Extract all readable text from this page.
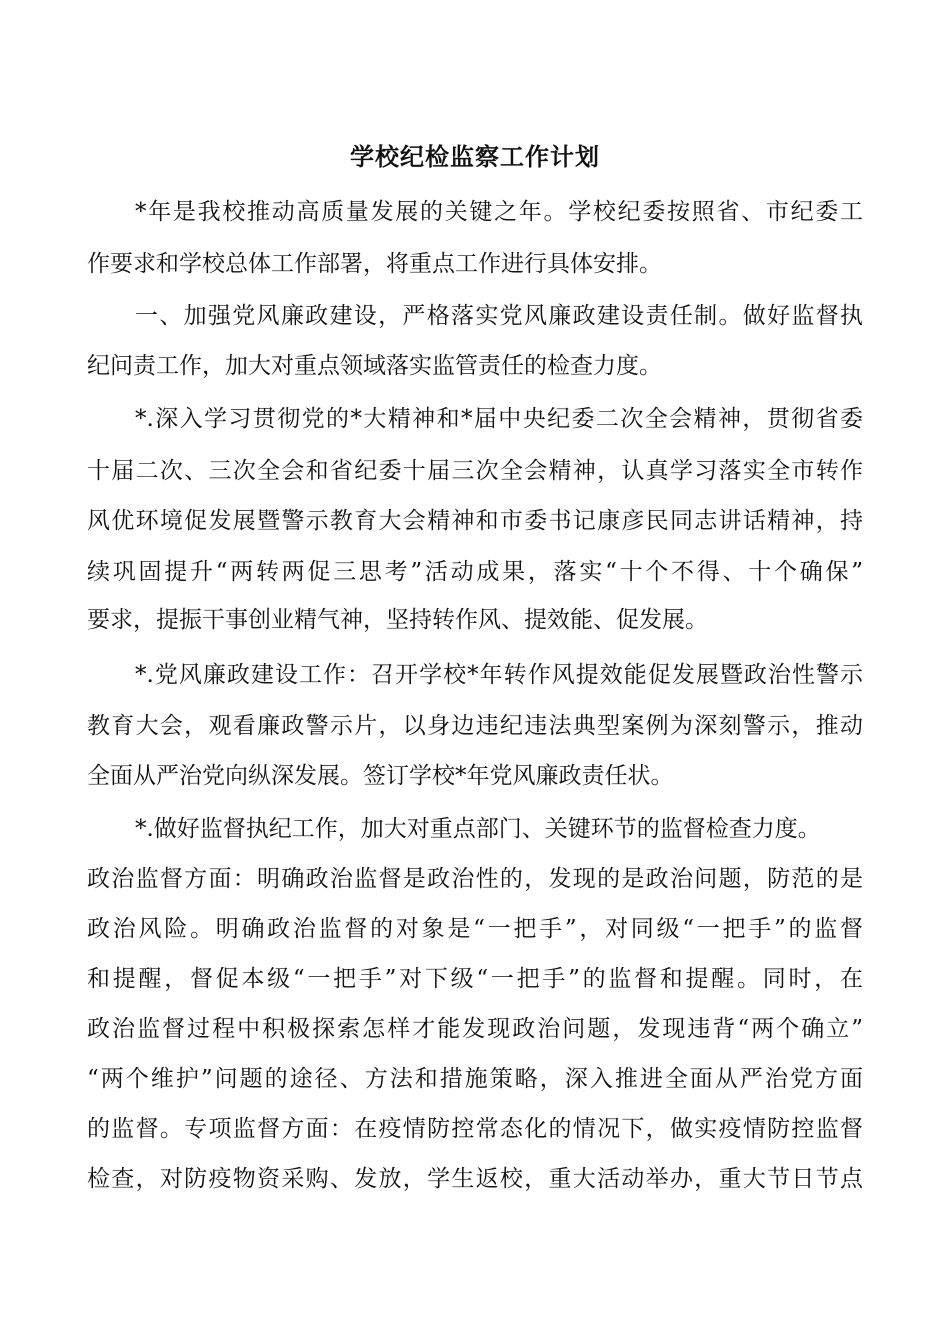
学校纪检监察工作计划
*年是我校推动高质量发展的关键之年。学校纪委按照省、市纪委工
作要求和学校总体工作部署，将重点工作进行具体安排。
一、加强党风廉政建设，严格落实党风廉政建设责任制。做好监督执
纪问责工作，加大对重点领域落实监管责任的检查力度。
*.深入学习贯彻党的*大精神和*届中央纪委二次全会精神，贯彻省委
十届二次、三次全会和省纪委十届三次全会精神，认真学习落实全市转作
风优环境促发展暨警示教育大会精神和市委书记康彦民同志讲话精神，持
续巩固提升“两转两促三思考”活动成果，落实“十个不得、十个确保”
要求，提振干事创业精气神，坚持转作风、提效能、促发展。
*.党风廉政建设工作：召开学校*年转作风提效能促发展暨政治性警示
教育大会，观看廉政警示片，以身边违纪违法典型案例为深刻警示，推动
全面从严治党向纵深发展。签订学校*年党风廉政责任状。
*.做好监督执纪工作，加大对重点部门、关键环节的监督检查力度。
政治监督方面：明确政治监督是政治性的，发现的是政治问题，防范的是
政治风险。明确政治监督的对象是“一把手”，对同级“一把手”的监督
和提醒，督促本级“一把手”对下级“一把手”的监督和提醒。同时，在
政治监督过程中积极探索怎样才能发现政治问题，发现违背“两个确立”
“两个维护”问题的途径、方法和措施策略，深入推进全面从严治党方面
的监督。专项监督方面：在疫情防控常态化的情况下，做实疫情防控监督
检查，对防疫物资采购、发放，学生返校，重大活动举办，重大节日节点
